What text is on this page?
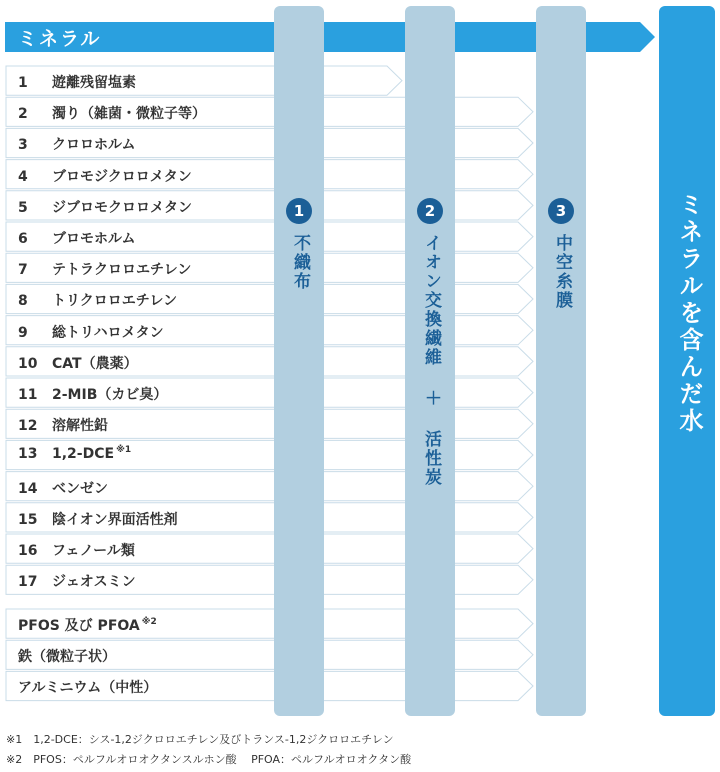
ミネラル
1	2	3
不織布	イオン交換繊維 ＋ 活性炭	中空糸膜	ミネラルを含んだ水
1 遊離残留塩素
2 濁り（雑菌・微粒子等）
3 クロロホルム
4 ブロモジクロロメタン
5 ジブロモクロロメタン
6 ブロモホルム
7 テトラクロロエチレン
8 トリクロロエチレン
9 総トリハロメタン
10 CAT（農薬）
11 2-MIB（カビ臭）
12 溶解性鉛
13 1,2-DCE $^{※1}$
14 ベンゼン
15 陰イオン界面活性剤
16 フェノール類
17 ジェオスミン
PFOS 及び PFOA $^{※2}$
鉄（微粒子状）
アルミニウム（中性）
※1　1,2-DCE：シス-1,2ジクロロエチレン及びトランス-1,2ジクロロエチレン
※2　PFOS：ペルフルオロオクタンスルホン酸　 PFOA：ペルフルオロオクタン酸
